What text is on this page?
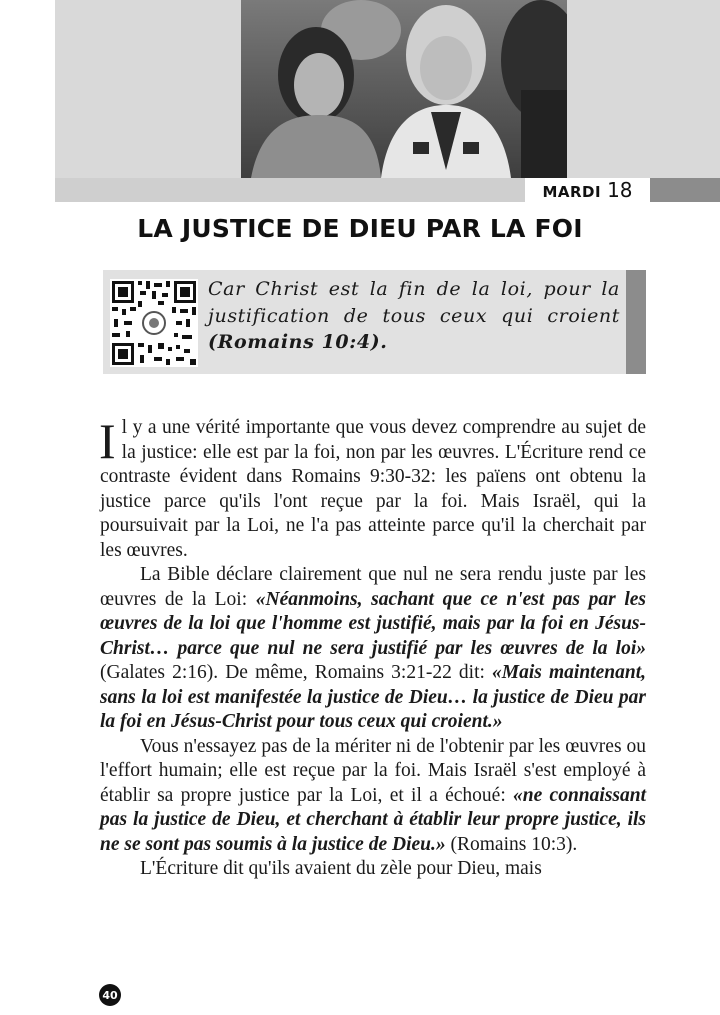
MARDI 18
LA JUSTICE DE DIEU PAR LA FOI
Car Christ est la fin de la loi, pour la justification de tous ceux qui croient (Romains 10:4).

Il y a une vérité importante que vous devez comprendre au sujet de la justice: elle est par la foi, non par les œuvres. L'Écriture rend ce contraste évident dans Romains 9:30-32: les païens ont obtenu la justice parce qu'ils l'ont reçue par la foi. Mais Israël, qui la poursuivait par la Loi, ne l'a pas atteinte parce qu'il la cherchait par les œuvres.

La Bible déclare clairement que nul ne sera rendu juste par les œuvres de la Loi: «Néanmoins, sachant que ce n'est pas par les œuvres de la loi que l'homme est justifié, mais par la foi en Jésus-Christ… parce que nul ne sera justifié par les œuvres de la loi» (Galates 2:16). De même, Romains 3:21-22 dit: «Mais maintenant, sans la loi est manifestée la justice de Dieu… la justice de Dieu par la foi en Jésus-Christ pour tous ceux qui croient.»

Vous n'essayez pas de la mériter ni de l'obtenir par les œuvres ou l'effort humain; elle est reçue par la foi. Mais Israël s'est employé à établir sa propre justice par la Loi, et il a échoué: «ne connaissant pas la justice de Dieu, et cherchant à établir leur propre justice, ils ne se sont pas soumis à la justice de Dieu.» (Romains 10:3).

L'Écriture dit qu'ils avaient du zèle pour Dieu, mais

40
